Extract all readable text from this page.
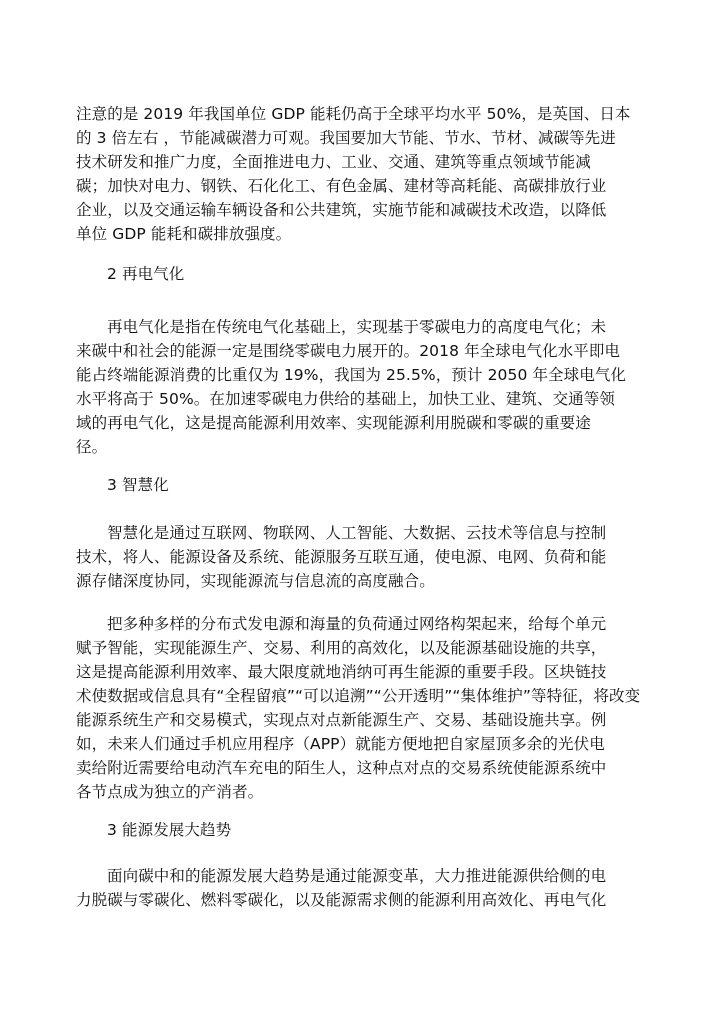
注意的是 2019 年我国单位 GDP 能耗仍高于全球平均水平 50%，是英国、日本

的 3 倍左右 ，节能减碳潜力可观。我国要加大节能、节水、节材、减碳等先进

技术研发和推广力度，全面推进电力、工业、交通、建筑等重点领域节能减

碳；加快对电力、钢铁、石化化工、有色金属、建材等高耗能、高碳排放行业

企业，以及交通运输车辆设备和公共建筑，实施节能和减碳技术改造，以降低

单位 GDP 能耗和碳排放强度。

2 再电气化

再电气化是指在传统电气化基础上，实现基于零碳电力的高度电气化；未

来碳中和社会的能源一定是围绕零碳电力展开的。2018 年全球电气化水平即电

能占终端能源消费的比重仅为 19%，我国为 25.5%，预计 2050 年全球电气化

水平将高于 50%。在加速零碳电力供给的基础上，加快工业、建筑、交通等领

域的再电气化，这是提高能源利用效率、实现能源利用脱碳和零碳的重要途

径。

3 智慧化

智慧化是通过互联网、物联网、人工智能、大数据、云技术等信息与控制

技术，将人、能源设备及系统、能源服务互联互通，使电源、电网、负荷和能

源存储深度协同，实现能源流与信息流的高度融合。

把多种多样的分布式发电源和海量的负荷通过网络构架起来，给每个单元

赋予智能，实现能源生产、交易、利用的高效化，以及能源基础设施的共享，

这是提高能源利用效率、最大限度就地消纳可再生能源的重要手段。区块链技

术使数据或信息具有“全程留痕”“可以追溯”“公开透明”“集体维护”等特征，将改变

能源系统生产和交易模式，实现点对点新能源生产、交易、基础设施共享。例

如，未来人们通过手机应用程序（APP）就能方便地把自家屋顶多余的光伏电

卖给附近需要给电动汽车充电的陌生人，这种点对点的交易系统使能源系统中

各节点成为独立的产消者。

3 能源发展大趋势

面向碳中和的能源发展大趋势是通过能源变革，大力推进能源供给侧的电

力脱碳与零碳化、燃料零碳化，以及能源需求侧的能源利用高效化、再电气化
